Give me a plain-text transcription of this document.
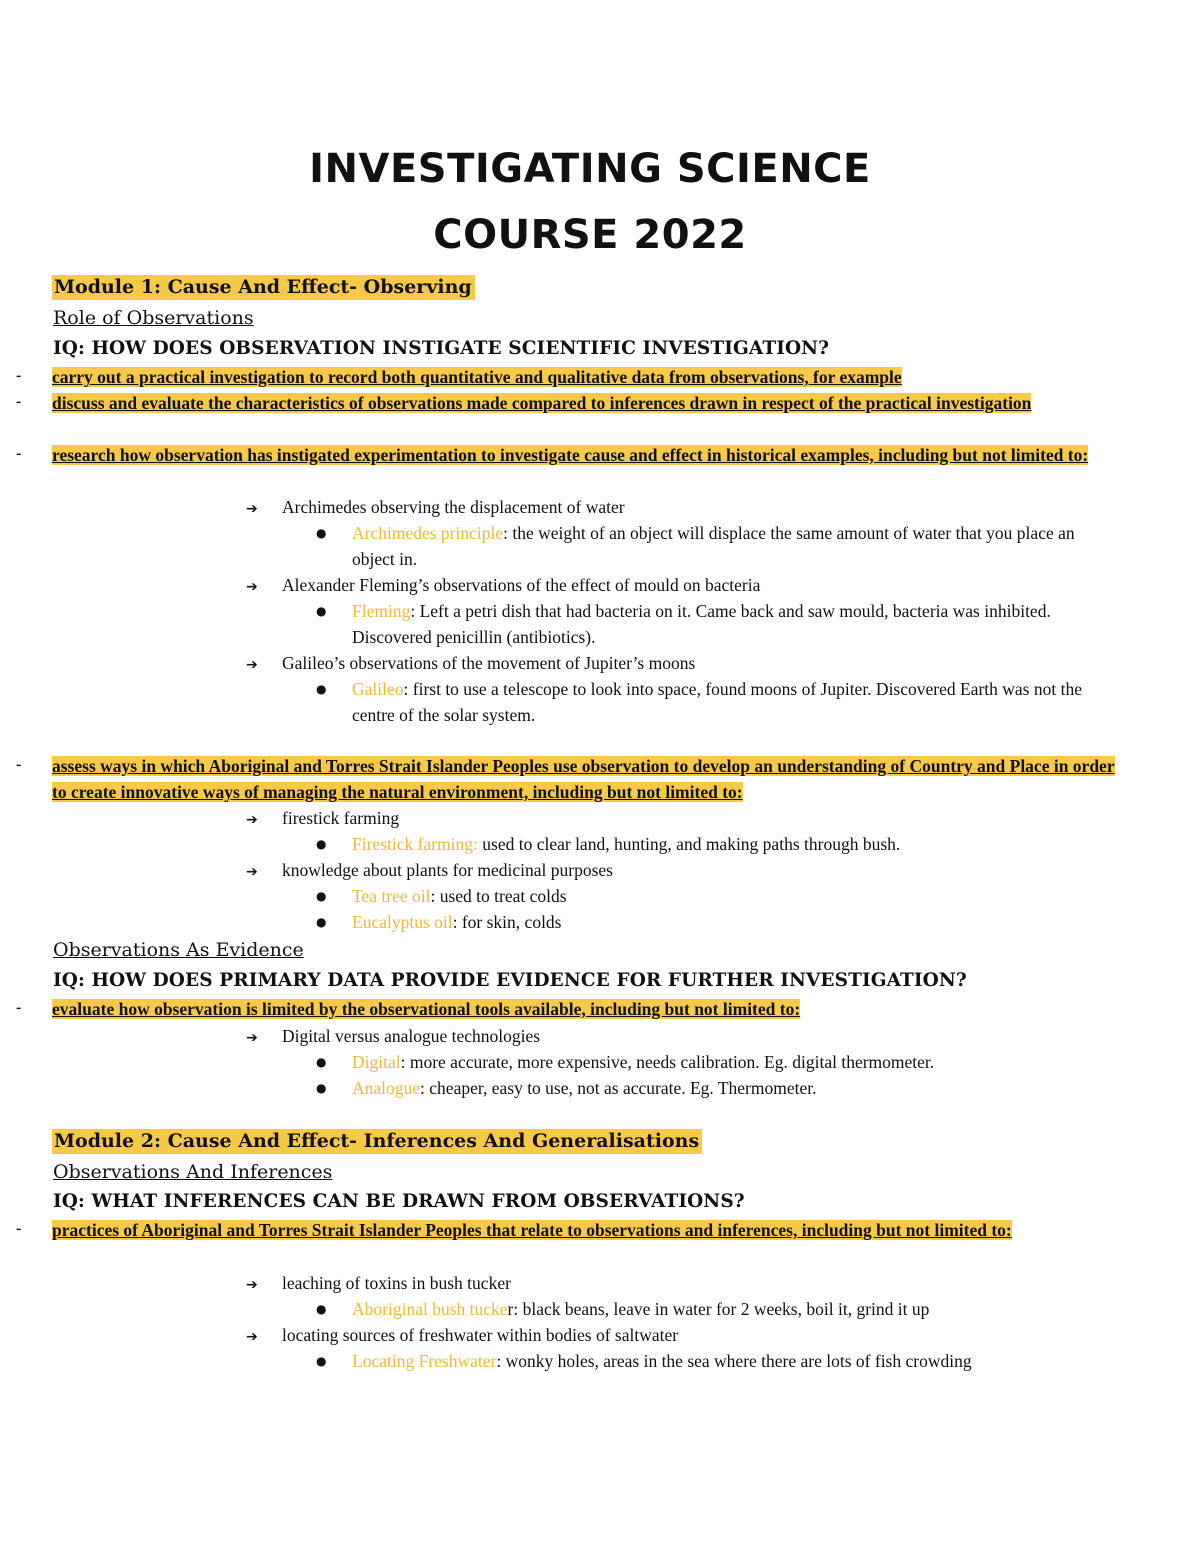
INVESTIGATING SCIENCE
COURSE 2022
Module 1: Cause And Effect- Observing
Role of Observations
IQ: HOW DOES OBSERVATION INSTIGATE SCIENTIFIC INVESTIGATION?
- carry out a practical investigation to record both quantitative and qualitative data from observations, for example
- discuss and evaluate the characteristics of observations made compared to inferences drawn in respect of the practical investigation
- research how observation has instigated experimentation to investigate cause and effect in historical examples, including but not limited to:
➔ Archimedes observing the displacement of water
● Archimedes principle: the weight of an object will displace the same amount of water that you place an object in.
➔ Alexander Fleming’s observations of the effect of mould on bacteria
● Fleming: Left a petri dish that had bacteria on it. Came back and saw mould, bacteria was inhibited. Discovered penicillin (antibiotics).
➔ Galileo’s observations of the movement of Jupiter’s moons
● Galileo: first to use a telescope to look into space, found moons of Jupiter. Discovered Earth was not the centre of the solar system.
- assess ways in which Aboriginal and Torres Strait Islander Peoples use observation to develop an understanding of Country and Place in order to create innovative ways of managing the natural environment, including but not limited to:
➔ firestick farming
● Firestick farming: used to clear land, hunting, and making paths through bush.
➔ knowledge about plants for medicinal purposes
● Tea tree oil: used to treat colds
● Eucalyptus oil: for skin, colds
Observations As Evidence
IQ: HOW DOES PRIMARY DATA PROVIDE EVIDENCE FOR FURTHER INVESTIGATION?
- evaluate how observation is limited by the observational tools available, including but not limited to:
➔ Digital versus analogue technologies
● Digital: more accurate, more expensive, needs calibration. Eg. digital thermometer.
● Analogue: cheaper, easy to use, not as accurate. Eg. Thermometer.
Module 2: Cause And Effect- Inferences And Generalisations
Observations And Inferences
IQ: WHAT INFERENCES CAN BE DRAWN FROM OBSERVATIONS?
- practices of Aboriginal and Torres Strait Islander Peoples that relate to observations and inferences, including but not limited to:
➔ leaching of toxins in bush tucker
● Aboriginal bush tucker: black beans, leave in water for 2 weeks, boil it, grind it up
➔ locating sources of freshwater within bodies of saltwater
● Locating Freshwater: wonky holes, areas in the sea where there are lots of fish crowding
